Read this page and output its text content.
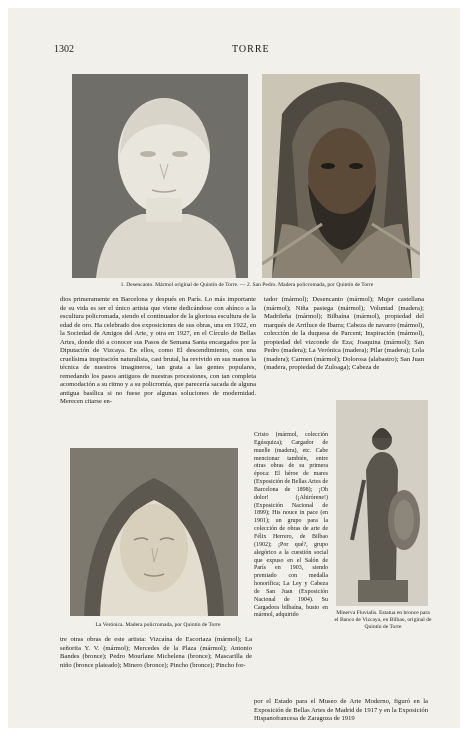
1302	TORRE
1. Desencanto. Mármol original de Quintín de Torre. — 2. San Pedro. Madera policromada, por Quintín de Torre

dios primeramente en Barcelona y después en París. Lo más importante de su vida es ser el único artista que viene dedicándose con ahínco a la escultura policromada, siendo el continuador de la gloriosa escultura de la edad de oro. Ha celebrado dos exposiciones de sus obras, una en 1922, en la Sociedad de Amigos del Arte, y otra en 1927, en el Círculo de Bellas Artes, donde dió a conocer sus Pasos de Semana Santa encargados por la Diputación de Vizcaya. En ellos, como El descendimiento, con una cruelísima inspiración naturalista, casi brutal, ha revivido en sus manos la técnica de nuestros imagineros, tan grata a las gentes populares, remedando los pasos antiguos de nuestras procesiones, con tan completa acomodación a su ritmo y a su policromía, que parecería sacada de alguna antigua basílica si no fuese por algunas soluciones de modernidad. Merecen citarse en-

tador (mármol); Desencanto (mármol); Mujer castellana (mármol); Niña pasiega (mármol); Voluntad (madera); Madrileña (mármol); Bilbaína (mármol), propiedad del marqués de Arriluce de Ibarra; Cabeza de navarro (mármol), colección de la duquesa de Parcent; Inspiración (mármol), propiedad del vizconde de Eza; Joaquina (mármol); San Pedro (madera); La Verónica (madera); Pilar (madera); Lola (madera); Carmen (mármol); Dolorosa (alabastro); San Juan (madera, propiedad de Zuloaga); Cabeza de

La Verónica. Madera policromada, por Quintín de Torre
Cristo (mármol, colección Egúsquiza); Cargador de muelle (madera), etc. Cabe mencionar también, entre otras obras de su primera época: El héroe de mares (Exposición de Bellas Artes de Barcelona de 1898); ¡Oh dolor! (¡Ahirórene!) (Exposición Nacional de 1899); His nouce in pace (en 1901); un grupo para la colección de obras de arte de Félix Herrero, de Bilbao (1902); ¡Por qué?, grupo alegórico a la cuestión social que expuso en el Salón de París en 1903, siendo premiado con medalla honorífica; La Ley y Cabeza de San Juan (Exposición Nacional de 1904). Su Cargadora bilbaína, busto en mármol, adquirido	Minerva Fluvialis. Estatua en bronce para el Banco de Vizcaya, en Bilbao, original de Quintín de Torre

tre otras obras de este artista: Vizcaína de Escoriaza (mármol); La señorita Y. V. (mármol); Mercedes de la Plaza (mármol); Antonio Bandes (bronce); Pedro Mourlane Michelena (bronce); Mascarilla de niño (bronce plateado); Minero (bronce); Pincho (bronce); Pincho for-

por el Estado para el Museo de Arte Moderno, figuró en la Exposición de Bellas Artes de Madrid de 1917 y en la Exposición Hispanofrancesa de Zaragoza de 1919
